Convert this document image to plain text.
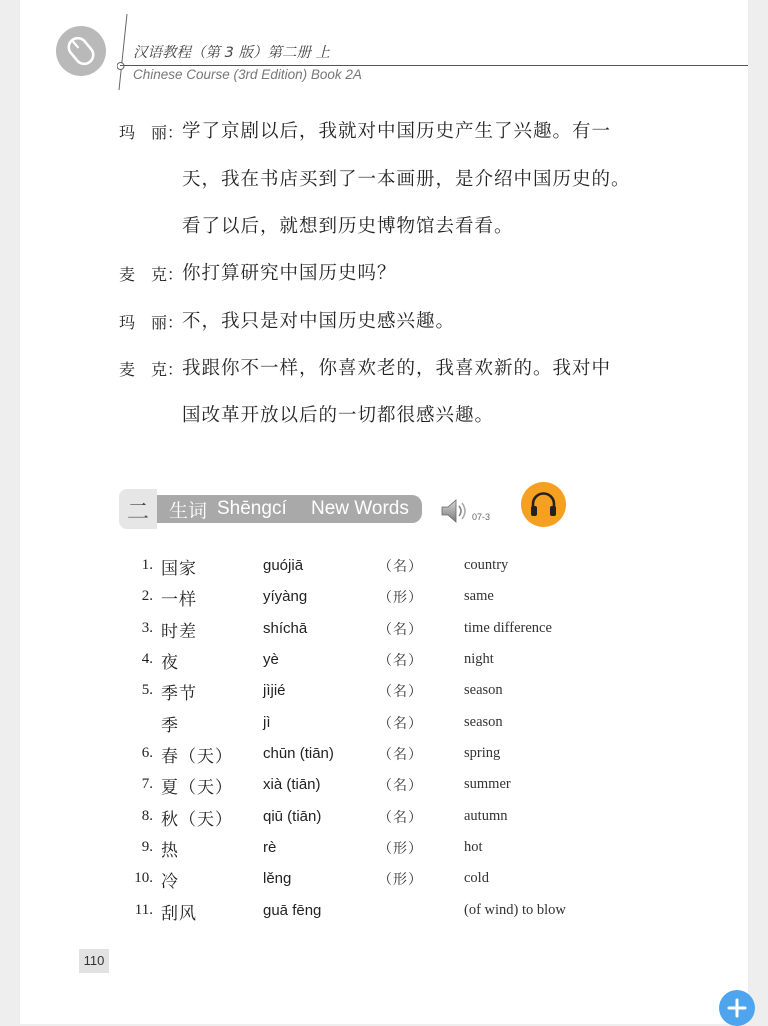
汉语教程（第 3 版）第二册 上
Chinese Course (3rd Edition) Book 2A
玛　丽：
学了京剧以后，我就对中国历史产生了兴趣。有一
天，我在书店买到了一本画册，是介绍中国历史的。
看了以后，就想到历史博物馆去看看。
麦　克：
你打算研究中国历史吗？
玛　丽：
不，我只是对中国历史感兴趣。
麦　克：
我跟你不一样，你喜欢老的，我喜欢新的。我对中
国改革开放以后的一切都很感兴趣。
二 生词 Shēngcí New Words	07-3
1. 国家	guójiā	（名）	country
2. 一样	yíyàng	（形）	same
3. 时差	shíchā	（名）	time difference
4. 夜	yè	（名）	night
5. 季节	jìjié	（名）	season
季	jì	（名）	season
6. 春（天） chūn (tiān)	（名）	spring
7. 夏（天） xià (tiān)	（名）	summer
8. 秋（天） qiū (tiān)	（名）	autumn
9. 热	rè	（形）	hot
10. 冷	lěng	（形）	cold
11. 刮风	guā fēng	(of wind) to blow
110
